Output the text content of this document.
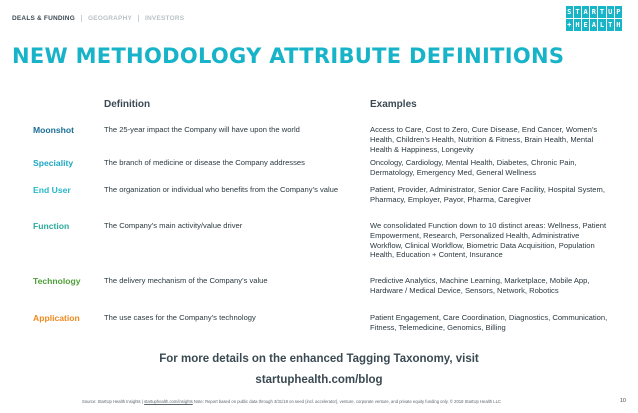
DEALS & FUNDING	GEOGRAPHY	INVESTORS
S T A R T U P
+ H E A L T H
NEW METHODOLOGY ATTRIBUTE DEFINITIONS
Definition	Examples
Moonshot	The 25-year impact the Company will have upon the world	Access to Care, Cost to Zero, Cure Disease, End Cancer, Women’s Health, Children’s Health, Nutrition & Fitness, Brain Health, Mental Health & Happiness, Longevity
Speciality	The branch of medicine or disease the Company addresses	Oncology, Cardiology, Mental Health, Diabetes, Chronic Pain, Dermatology, Emergency Med, General Wellness
End User	The organization or individual who benefits from the Company’s value	Patient, Provider, Administrator, Senior Care Facility, Hospital System, Pharmacy, Employer, Payor, Pharma, Caregiver
Function	The Company’s main activity/value driver	We consolidated Function down to 10 distinct areas: Wellness, Patient Empowerment, Research, Personalized Health, Administrative Workflow, Clinical Workflow, Biometric Data Acquisition, Population Health, Education + Content, Insurance
Technology	The delivery mechanism of the Company’s value	Predictive Analytics, Machine Learning, Marketplace, Mobile App, Hardware / Medical Device, Sensors, Network, Robotics
Application	The use cases for the Company’s technology	Patient Engagement, Care Coordination, Diagnostics, Communication, Fitness, Telemedicine, Genomics, Billing
For more details on the enhanced Tagging Taxonomy, visit
startuphealth.com/blog
Source: StartUp Health Insights | startuphealth.com/insights Note: Report based on public data through 3/31/18 on seed (incl. accelerator), venture, corporate venture, and private equity funding only. © 2018 StartUp Health LLC	10
